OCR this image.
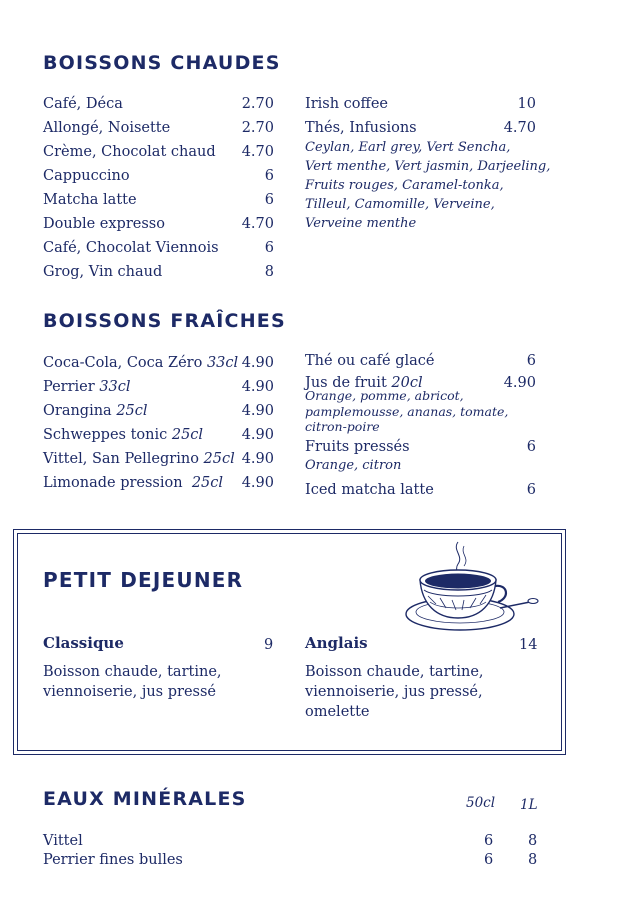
BOISSONS CHAUDES
Café, Déca	2.70
Allongé, Noisette	2.70
Crème, Chocolat chaud 4.70
Cappuccino	6
Matcha latte	6
Double expresso	4.70
Café, Chocolat Viennois	6
Grog, Vin chaud	8
Irish coffee	10
Thés, Infusions	4.70
Ceylan, Earl grey, Vert Sencha,
Vert menthe, Vert jasmin, Darjeeling,
Fruits rouges, Caramel-tonka,
Tilleul, Camomille, Verveine,
Verveine menthe
BOISSONS FRAÎCHES
Coca-Cola, Coca Zéro 33cl 4.90
Perrier 33cl	4.90
Orangina 25cl	4.90
Schweppes tonic 25cl	4.90
Vittel, San Pellegrino 25cl 4.90
Limonade pression  25cl 4.90
Thé ou café glacé	6
Jus de fruit 20cl	4.90
Orange, pomme, abricot,
pamplemousse, ananas, tomate,
citron-poire
Fruits pressés	6
Orange, citron
Iced matcha latte	6
PETIT DEJEUNER
Classique	9
Boisson chaude, tartine,
viennoiserie, jus pressé
Anglais	14
Boisson chaude, tartine,
viennoiserie, jus pressé,
omelette
EAUX MINÉRALES	50cl 1L
Vittel	6 8
Perrier fines bulles	6 8
